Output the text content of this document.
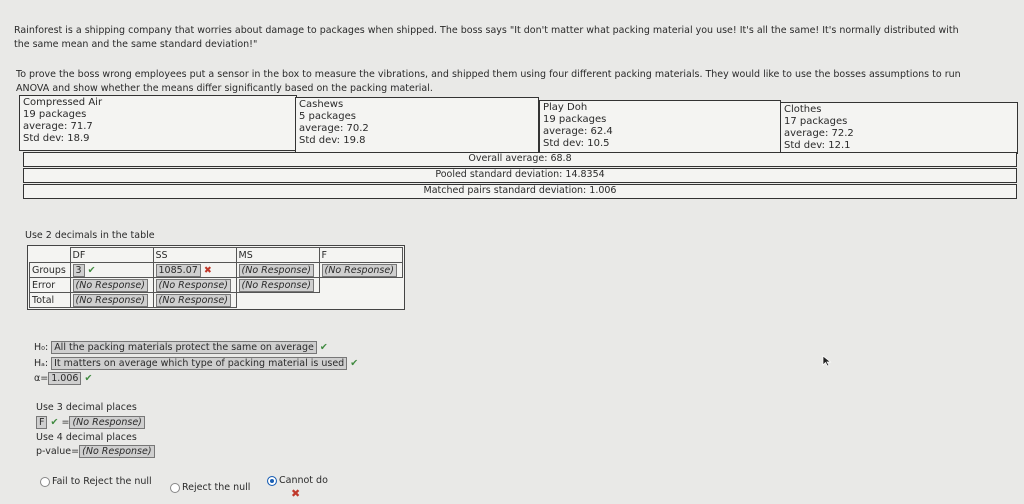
Rainforest is a shipping company that worries about damage to packages when shipped. The boss says "It don't matter what packing material you use! It's all the same! It's normally distributed with
the same mean and the same standard deviation!"
To prove the boss wrong employees put a sensor in the box to measure the vibrations, and shipped them using four different packing materials. They would like to use the bosses assumptions to run
ANOVA and show whether the means differ significantly based on the packing material.
Compressed Air
19 packages
average: 71.7
Std dev: 18.9
Cashews
5 packages
average: 70.2
Std dev: 19.8
Play Doh
19 packages
average: 62.4
Std dev: 10.5
Clothes
17 packages
average: 72.2
Std dev: 12.1
Overall average: 68.8
Pooled standard deviation: 14.8354
Matched pairs standard deviation: 1.006
Use 2 decimals in the table
	DF	SS	MS	F
Groups	3 ✔	1085.07 ✖	(No Response)	(No Response)
Error	(No Response)	(No Response)	(No Response)	
Total	(No Response)	(No Response)		
H₀: All the packing materials protect the same on average ✔
Hₐ: It matters on average which type of packing material is used ✔
α= 1.006 ✔
Use 3 decimal places
F ✔ = (No Response)
Use 4 decimal places
p-value= (No Response)
Fail to Reject the null
Reject the null
Cannot do
✖
